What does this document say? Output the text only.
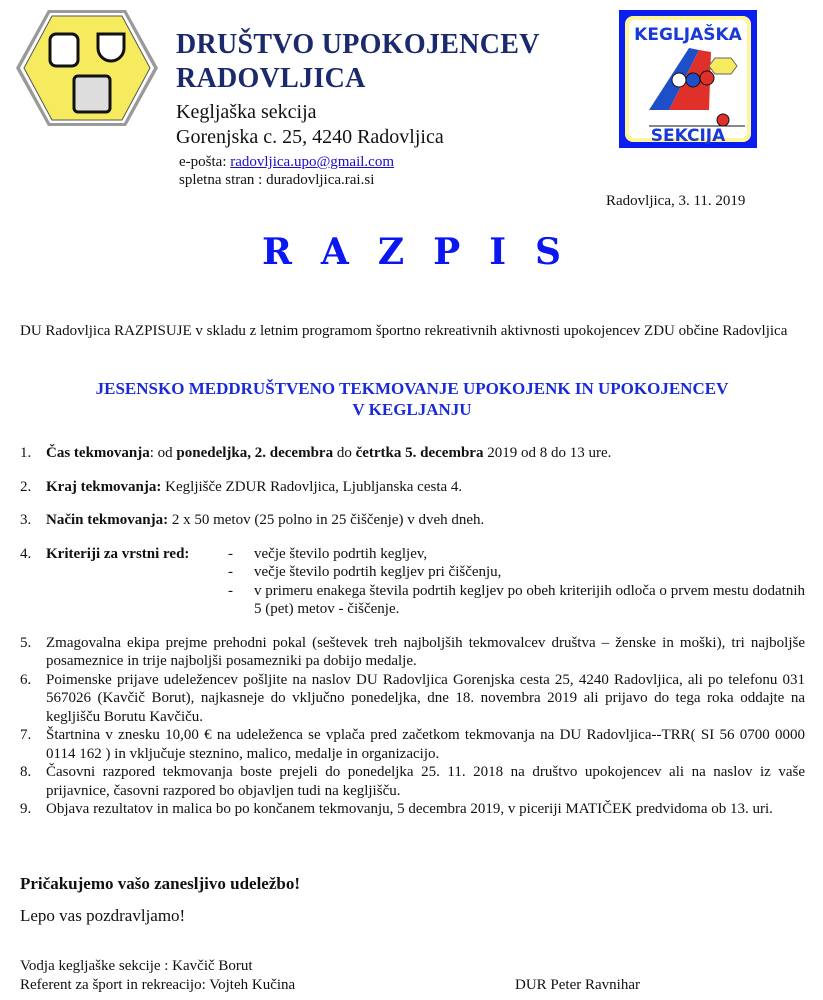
DRUŠTVO UPOKOJENCEV
RADOVLJICA
Kegljaška sekcija
Gorenjska c. 25, 4240 Radovljica
e-pošta: radovljica.upo@gmail.com
spletna stran : duradovljica.rai.si
KEGLJAŠKA
SEKCIJA
Radovljica, 3. 11. 2019
RAZPIS
DU Radovljica RAZPISUJE v skladu z letnim programom športno rekreativnih aktivnosti upokojencev ZDU občine Radovljica
JESENSKO MEDDRUŠTVENO TEKMOVANJE UPOKOJENK IN UPOKOJENCEV
V KEGLJANJU
1. Čas tekmovanja: od ponedeljka, 2. decembra do četrtka 5. decembra 2019 od 8 do 13 ure.
2. Kraj tekmovanja: Kegljišče ZDUR Radovljica, Ljubljanska cesta 4.
3. Način tekmovanja: 2 x 50 metov (25 polno in 25 čiščenje) v dveh dneh.
4. Kriteriji za vrstni red:	-	večje število podrtih kegljev,
-	večje število podrtih kegljev pri čiščenju,
-	v primeru enakega števila podrtih kegljev po obeh kriterijih odloča o prvem mestu dodatnih 5 (pet) metov - čiščenje.
5. Zmagovalna ekipa prejme prehodni pokal (seštevek treh najboljših tekmovalcev društva – ženske in moški), tri najboljše posameznice in trije najboljši posamezniki pa dobijo medalje.
6. Poimenske prijave udeležencev pošljite na naslov DU Radovljica Gorenjska cesta 25, 4240 Radovljica, ali po telefonu 031 567026 (Kavčič Borut), najkasneje do vključno ponedeljka, dne 18. novembra 2019 ali prijavo do tega roka oddajte na kegljišču Borutu Kavčiču.
7. Štartnina v znesku 10,00 € na udeleženca se vplača pred začetkom tekmovanja na DU Radovljica--TRR( SI 56 0700 0000 0114 162 ) in vključuje steznino, malico, medalje in organizacijo.
8. Časovni razpored tekmovanja boste prejeli do ponedeljka 25. 11. 2018 na društvo upokojencev ali na naslov iz vaše prijavnice, časovni razpored bo objavljen tudi na kegljišču.
9. Objava rezultatov in malica bo po končanem tekmovanju, 5 decembra 2019, v piceriji MATIČEK predvidoma ob 13. uri.
Pričakujemo vašo zanesljivo udeležbo!
Lepo vas pozdravljamo!
Vodja kegljaške sekcije : Kavčič Borut
Referent za šport in rekreacijo: Vojteh Kučina	DUR Peter Ravnihar
